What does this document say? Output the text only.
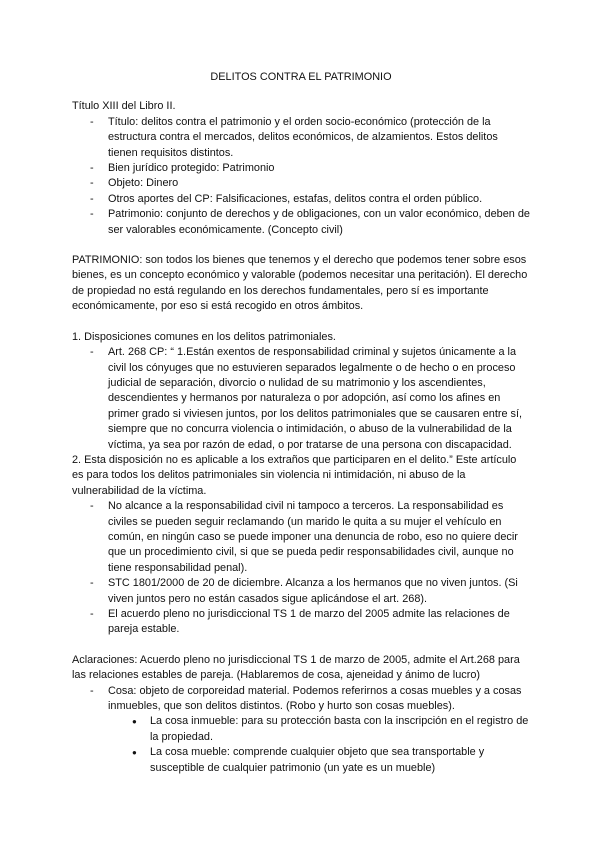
DELITOS CONTRA EL PATRIMONIO

Título XIII del Libro II.

- Título: delitos contra el patrimonio y el orden socio-económico (protección de la estructura contra el mercados, delitos económicos, de alzamientos. Estos delitos tienen requisitos distintos.
- Bien jurídico protegido: Patrimonio
- Objeto: Dinero
- Otros aportes del CP: Falsificaciones, estafas, delitos contra el orden público.
- Patrimonio: conjunto de derechos y de obligaciones, con un valor económico, deben de ser valorables económicamente. (Concepto civil)

PATRIMONIO: son todos los bienes que tenemos y el derecho que podemos tener sobre esos bienes, es un concepto económico y valorable (podemos necesitar una peritación). El derecho de propiedad no está regulando en los derechos fundamentales, pero sí es importante económicamente, por eso si está recogido en otros ámbitos.

1. Disposiciones comunes en los delitos patrimoniales.

- Art. 268 CP: “ 1.Están exentos de responsabilidad criminal y sujetos únicamente a la civil los cónyuges que no estuvieren separados legalmente o de hecho o en proceso judicial de separación, divorcio o nulidad de su matrimonio y los ascendientes, descendientes y hermanos por naturaleza o por adopción, así como los afines en primer grado si viviesen juntos, por los delitos patrimoniales que se causaren entre sí, siempre que no concurra violencia o intimidación, o abuso de la vulnerabilidad de la víctima, ya sea por razón de edad, o por tratarse de una persona con discapacidad.

2. Esta disposición no es aplicable a los extraños que participaren en el delito.” Este artículo es para todos los delitos patrimoniales sin violencia ni intimidación, ni abuso de la vulnerabilidad de la víctima.

- No alcance a la responsabilidad civil ni tampoco a terceros. La responsabilidad es civiles se pueden seguir reclamando (un marido le quita a su mujer el vehículo en común, en ningún caso se puede imponer una denuncia de robo, eso no quiere decir que un procedimiento civil, si que se pueda pedir responsabilidades civil, aunque no tiene responsabilidad penal).
- STC 1801/2000 de 20 de diciembre. Alcanza a los hermanos que no viven juntos. (Si viven juntos pero no están casados sigue aplicándose el art. 268).
- El acuerdo pleno no jurisdiccional TS 1 de marzo del 2005 admite las relaciones de pareja estable.

Aclaraciones: Acuerdo pleno no jurisdiccional TS 1 de marzo de 2005, admite el Art.268 para las relaciones estables de pareja. (Hablaremos de cosa, ajeneidad y ánimo de lucro)

- Cosa: objeto de corporeidad material. Podemos referirnos a cosas muebles y a cosas inmuebles, que son delitos distintos. (Robo y hurto son cosas muebles).
● La cosa inmueble: para su protección basta con la inscripción en el registro de la propiedad.
● La cosa mueble: comprende cualquier objeto que sea transportable y susceptible de cualquier patrimonio (un yate es un mueble)
